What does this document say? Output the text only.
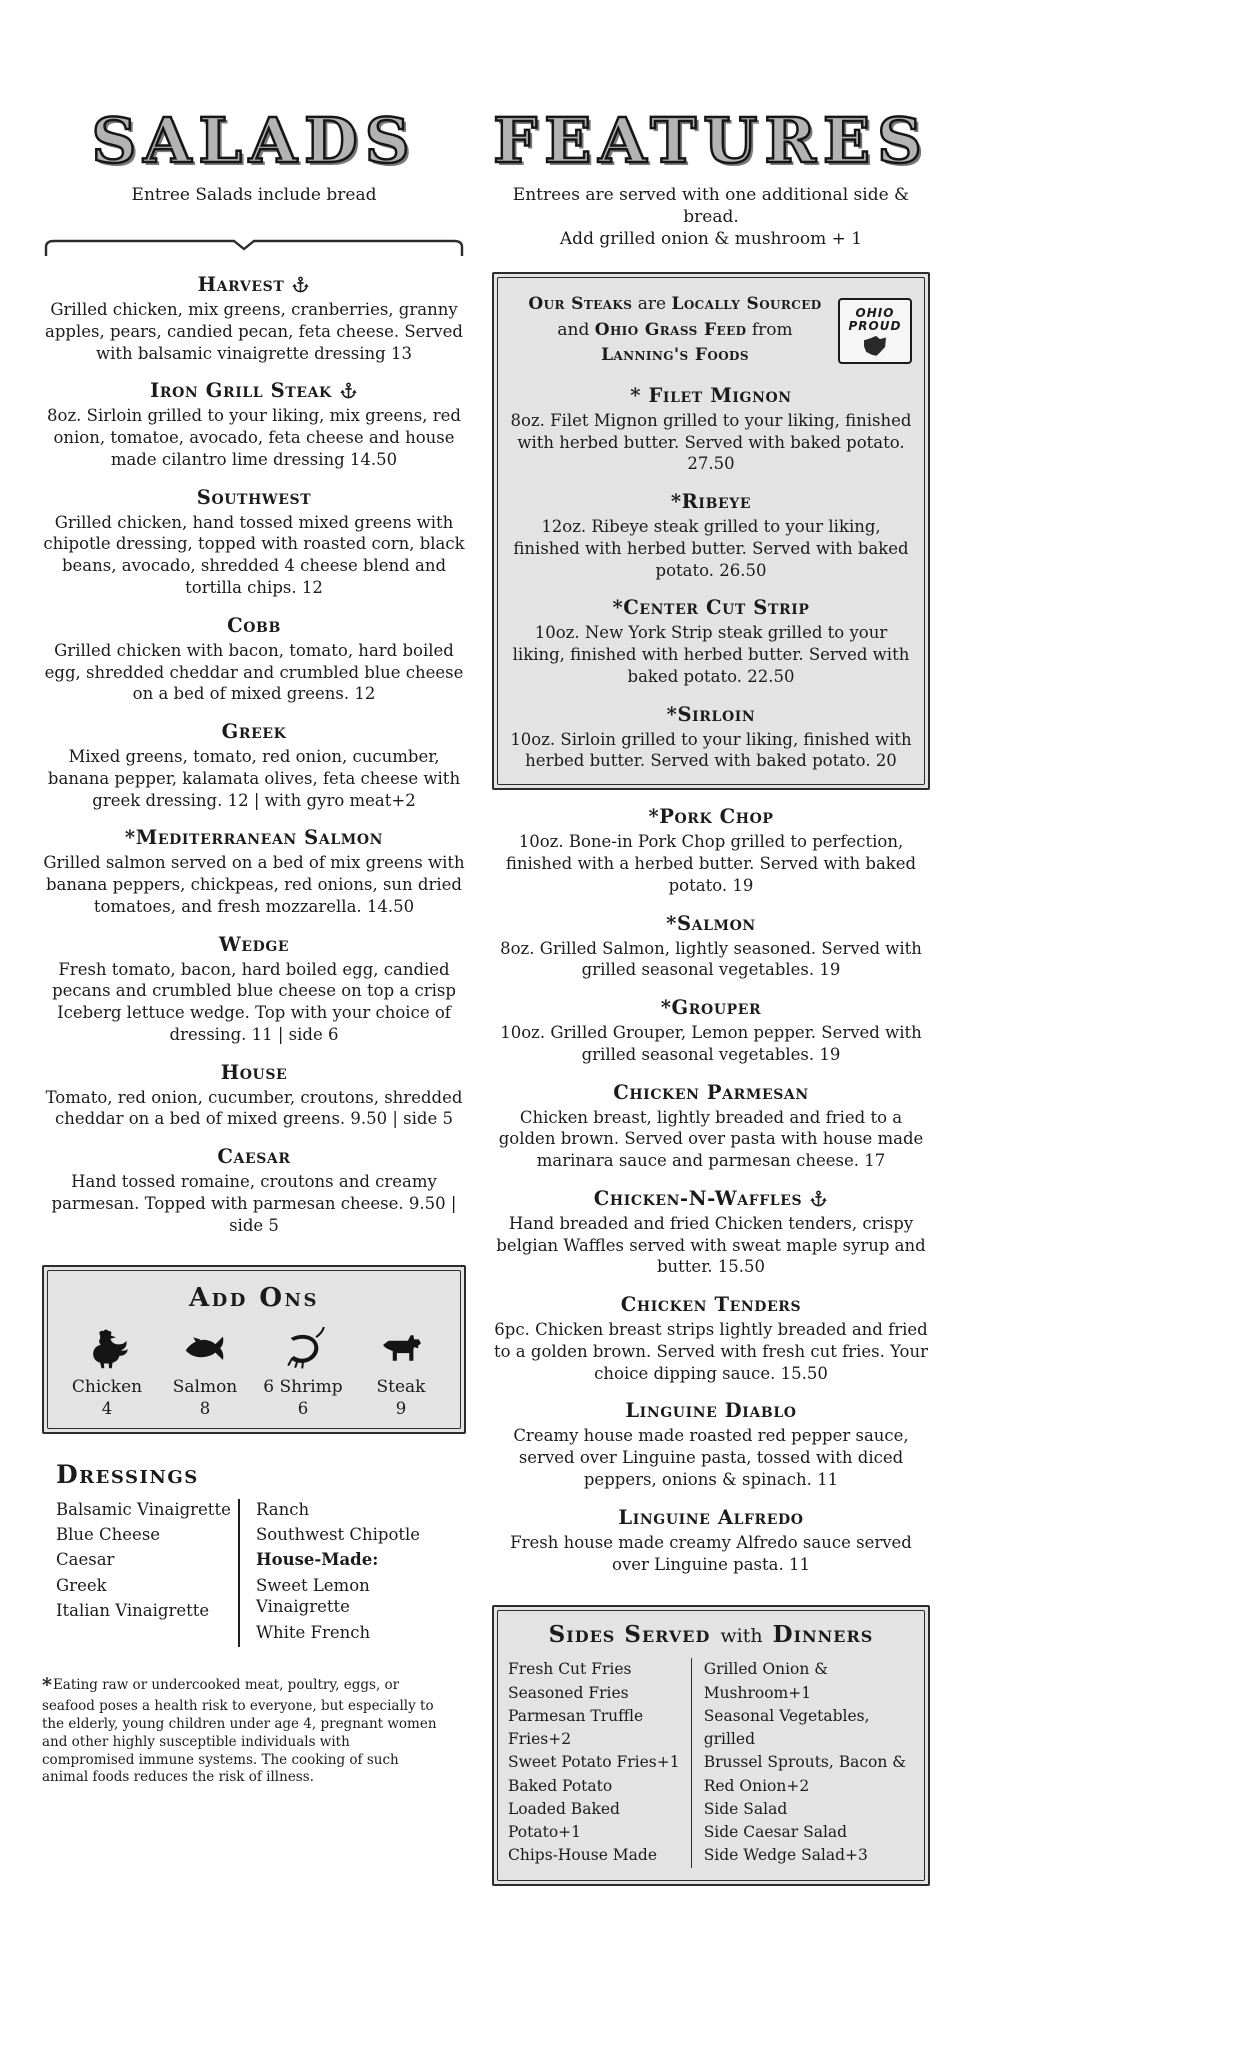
SALADS

Entree Salads include bread

Harvest

Grilled chicken, mix greens, cranberries, granny apples, pears, candied pecan, feta cheese. Served with balsamic vinaigrette dressing 13

Iron Grill Steak

8oz. Sirloin grilled to your liking, mix greens, red onion, tomatoe, avocado, feta cheese and house made cilantro lime dressing 14.50

Southwest

Grilled chicken, hand tossed mixed greens with chipotle dressing, topped with roasted corn, black beans, avocado, shredded 4 cheese blend and tortilla chips. 12

Cobb

Grilled chicken with bacon, tomato, hard boiled egg, shredded cheddar and crumbled blue cheese on a bed of mixed greens. 12

Greek

Mixed greens, tomato, red onion, cucumber, banana pepper, kalamata olives, feta cheese with greek dressing. 12 | with gyro meat+2

*Mediterranean Salmon

Grilled salmon served on a bed of mix greens with banana peppers, chickpeas, red onions, sun dried tomatoes, and fresh mozzarella. 14.50

Wedge

Fresh tomato, bacon, hard boiled egg, candied pecans and crumbled blue cheese on top a crisp Iceberg lettuce wedge. Top with your choice of dressing. 11 | side 6

House

Tomato, red onion, cucumber, croutons, shredded cheddar on a bed of mixed greens. 9.50 | side 5

Caesar

Hand tossed romaine, croutons and creamy parmesan. Topped with parmesan cheese. 9.50 | side 5

Add Ons
Chicken
4
Salmon
8
6 Shrimp
6
Steak
9
Dressings
Balsamic Vinaigrette
Blue Cheese
Caesar
Greek
Italian Vinaigrette
Ranch
Southwest Chipotle
House-Made:
Sweet Lemon Vinaigrette
White French

*Eating raw or undercooked meat, poultry, eggs, or seafood poses a health risk to everyone, but especially to the elderly, young children under age 4, pregnant women and other highly susceptible individuals with compromised immune systems. The cooking of such animal foods reduces the risk of illness.

FEATURES

Entrees are served with one additional side & bread.
Add grilled onion & mushroom + 1

Our Steaks are Locally Sourced
and Ohio Grass Feed from
Lanning's Foods
OHIO
PROUD
* Filet Mignon

8oz. Filet Mignon grilled to your liking, finished with herbed butter. Served with baked potato. 27.50

*Ribeye

12oz. Ribeye steak grilled to your liking, finished with herbed butter. Served with baked potato. 26.50

*Center Cut Strip

10oz. New York Strip steak grilled to your liking, finished with herbed butter. Served with baked potato. 22.50

*Sirloin

10oz. Sirloin grilled to your liking, finished with herbed butter. Served with baked potato. 20

*Pork Chop

10oz. Bone-in Pork Chop grilled to perfection, finished with a herbed butter. Served with baked potato. 19

*Salmon

8oz. Grilled Salmon, lightly seasoned. Served with grilled seasonal vegetables. 19

*Grouper

10oz. Grilled Grouper, Lemon pepper. Served with grilled seasonal vegetables. 19

Chicken Parmesan

Chicken breast, lightly breaded and fried to a golden brown. Served over pasta with house made marinara sauce and parmesan cheese. 17

Chicken-N-Waffles

Hand breaded and fried Chicken tenders, crispy belgian Waffles served with sweat maple syrup and butter. 15.50

Chicken Tenders

6pc. Chicken breast strips lightly breaded and fried to a golden brown. Served with fresh cut fries. Your choice dipping sauce. 15.50

Linguine Diablo

Creamy house made roasted red pepper sauce, served over Linguine pasta, tossed with diced peppers, onions & spinach. 11

Linguine Alfredo

Fresh house made creamy Alfredo sauce served over Linguine pasta. 11

Sides Served with Dinners
Fresh Cut Fries
Seasoned Fries
Parmesan Truffle Fries+2
Sweet Potato Fries+1
Baked Potato
Loaded Baked Potato+1
Chips-House Made
Grilled Onion & Mushroom+1
Seasonal Vegetables, grilled
Brussel Sprouts, Bacon & Red Onion+2
Side Salad
Side Caesar Salad
Side Wedge Salad+3
